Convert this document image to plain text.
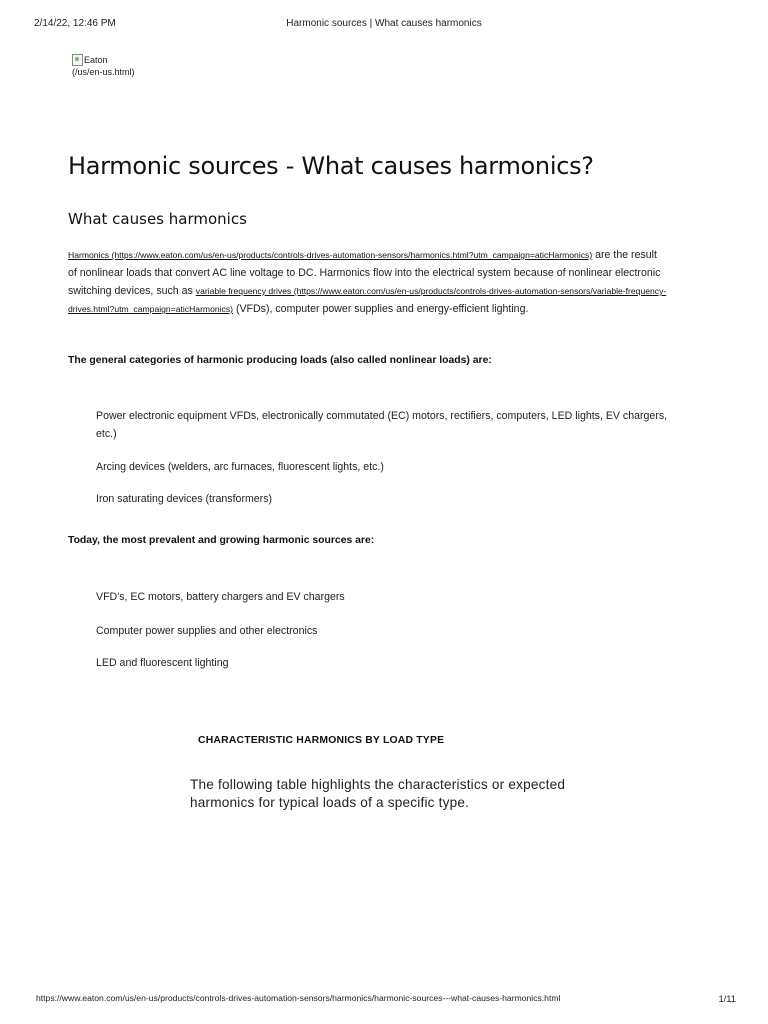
2/14/22, 12:46 PM	Harmonic sources | What causes harmonics
Eaton
(/us/en-us.html)
Harmonic sources - What causes harmonics?
What causes harmonics
Harmonics (https://www.eaton.com/us/en-us/products/controls-drives-automation-sensors/harmonics.html?utm_campaign=aticHarmonics) are the result of nonlinear loads that convert AC line voltage to DC. Harmonics flow into the electrical system because of nonlinear electronic switching devices, such as variable frequency drives (https://www.eaton.com/us/en-us/products/controls-drives-automation-sensors/variable-frequency-drives.html?utm_campaign=aticHarmonics) (VFDs), computer power supplies and energy-efficient lighting.
The general categories of harmonic producing loads (also called nonlinear loads) are:
Power electronic equipment VFDs, electronically commutated (EC) motors, rectifiers, computers, LED lights, EV chargers, etc.)
Arcing devices (welders, arc furnaces, fluorescent lights, etc.)
Iron saturating devices (transformers)
Today, the most prevalent and growing harmonic sources are:
VFD's, EC motors, battery chargers and EV chargers
Computer power supplies and other electronics
LED and fluorescent lighting
CHARACTERISTIC HARMONICS BY LOAD TYPE
The following table highlights the characteristics or expected harmonics for typical loads of a specific type.
https://www.eaton.com/us/en-us/products/controls-drives-automation-sensors/harmonics/harmonic-sources---what-causes-harmonics.html	1/11
